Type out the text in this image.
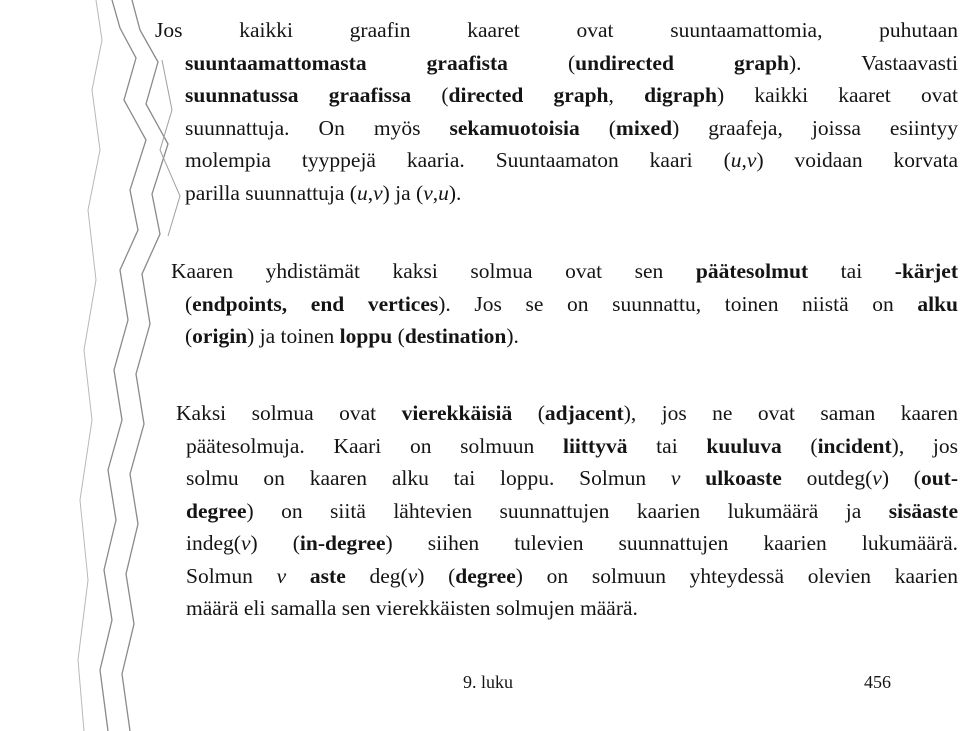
Jos kaikki graafin kaaret ovat suuntaamattomia, puhutaan
suuntaamattomasta graafista (undirected graph). Vastaavasti
suunnatussa graafissa (directed graph, digraph) kaikki kaaret ovat
suunnattuja. On myös sekamuotoisia (mixed) graafeja, joissa esiintyy
molempia tyyppejä kaaria. Suuntaamaton kaari (u,v) voidaan korvata
parilla suunnattuja (u,v) ja (v,u).
Kaaren yhdistämät kaksi solmua ovat sen päätesolmut tai -kärjet
(endpoints, end vertices). Jos se on suunnattu, toinen niistä on alku
(origin) ja toinen loppu (destination).
Kaksi solmua ovat vierekkäisiä (adjacent), jos ne ovat saman kaaren
päätesolmuja. Kaari on solmuun liittyvä tai kuuluva (incident), jos
solmu on kaaren alku tai loppu. Solmun v ulkoaste outdeg(v) (out-
degree) on siitä lähtevien suunnattujen kaarien lukumäärä ja sisäaste
indeg(v) (in-degree) siihen tulevien suunnattujen kaarien lukumäärä.
Solmun v aste deg(v) (degree) on solmuun yhteydessä olevien kaarien
määrä eli samalla sen vierekkäisten solmujen määrä.
9. luku	456
